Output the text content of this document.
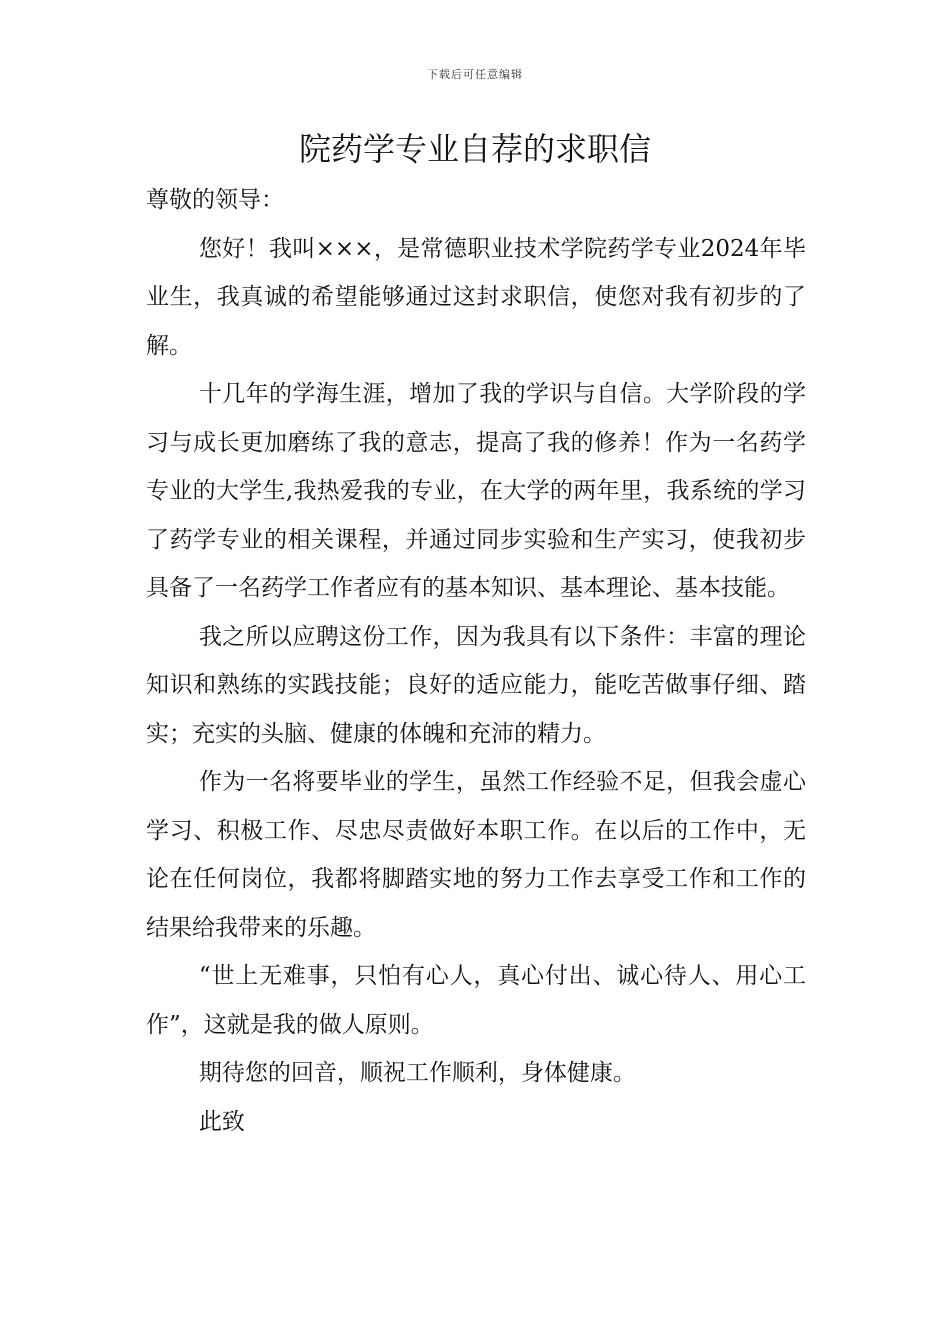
下载后可任意编辑
院药学专业自荐的求职信

尊敬的领导：

您好！我叫×××，是常德职业技术学院药学专业2024年毕业生，我真诚的希望能够通过这封求职信，使您对我有初步的了解。

十几年的学海生涯，增加了我的学识与自信。大学阶段的学习与成长更加磨练了我的意志，提高了我的修养！作为一名药学专业的大学生,我热爱我的专业，在大学的两年里，我系统的学习了药学专业的相关课程，并通过同步实验和生产实习，使我初步具备了一名药学工作者应有的基本知识、基本理论、基本技能。

我之所以应聘这份工作，因为我具有以下条件：丰富的理论知识和熟练的实践技能；良好的适应能力，能吃苦做事仔细、踏实；充实的头脑、健康的体魄和充沛的精力。

作为一名将要毕业的学生，虽然工作经验不足，但我会虚心学习、积极工作、尽忠尽责做好本职工作。在以后的工作中，无论在任何岗位，我都将脚踏实地的努力工作去享受工作和工作的结果给我带来的乐趣。

“世上无难事，只怕有心人，真心付出、诚心待人、用心工作”，这就是我的做人原则。

期待您的回音，顺祝工作顺利，身体健康。

此致
